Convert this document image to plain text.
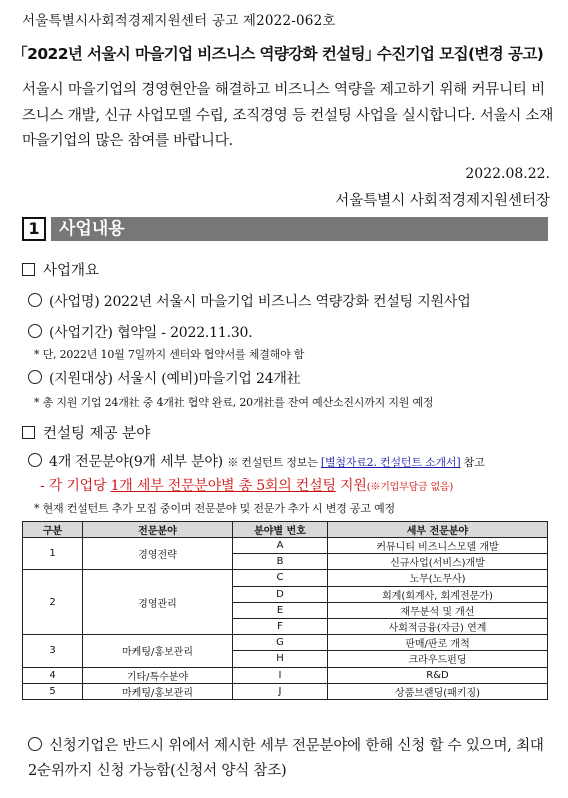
서울특별시사회적경제지원센터 공고 제2022-062호
｢2022년 서울시 마을기업 비즈니스 역량강화 컨설팅｣ 수진기업 모집(변경 공고)
서울시 마을기업의 경영현안을 해결하고 비즈니스 역량을 제고하기 위해 커뮤니티 비즈니스 개발, 신규 사업모델 수립, 조직경영 등 컨설팅 사업을 실시합니다. 서울시 소재 마을기업의 많은 참여를 바랍니다.
2022.08.22.
서울특별시 사회적경제지원센터장
1	사업내용
사업개요
(사업명) 2022년 서울시 마을기업 비즈니스 역량강화 컨설팅 지원사업
(사업기간) 협약일 - 2022.11.30.
* 단, 2022년 10월 7일까지 센터와 협약서를 체결해야 함
(지원대상) 서울시 (예비)마을기업 24개社
* 총 지원 기업 24개社 중 4개社 협약 완료, 20개社를 잔여 예산소진시까지 지원 예정
컨설팅 제공 분야
4개 전문분야(9개 세부 분야) ※ 컨설턴트 정보는 [별첨자료2. 컨설턴트 소개서] 참고
- 각 기업당 1개 세부 전문분야별 총 5회의 컨설팅 지원(※기업부담금 없음)
* 현재 컨설턴트 추가 모집 중이며 전문분야 및 전문가 추가 시 변경 공고 예정
구분	전문분야	분야별 번호	세부 전문분야
1	경영전략	A	커뮤니티 비즈니스모델 개발
		B	신규사업(서비스)개발
2	경영관리	C	노무(노무사)
		D	회계(회계사, 회계전문가)
		E	재무분석 및 개선
		F	사회적금융(자금) 연계
3	마케팅/홍보관리	G	판매/판로 개척
		H	크라우드펀딩
4	기타/특수분야	I	R&D
5	마케팅/홍보관리	J	상품브랜딩(패키징)
신청기업은 반드시 위에서 제시한 세부 전문분야에 한해 신청 할 수 있으며, 최대 2순위까지 신청 가능함(신청서 양식 참조)
